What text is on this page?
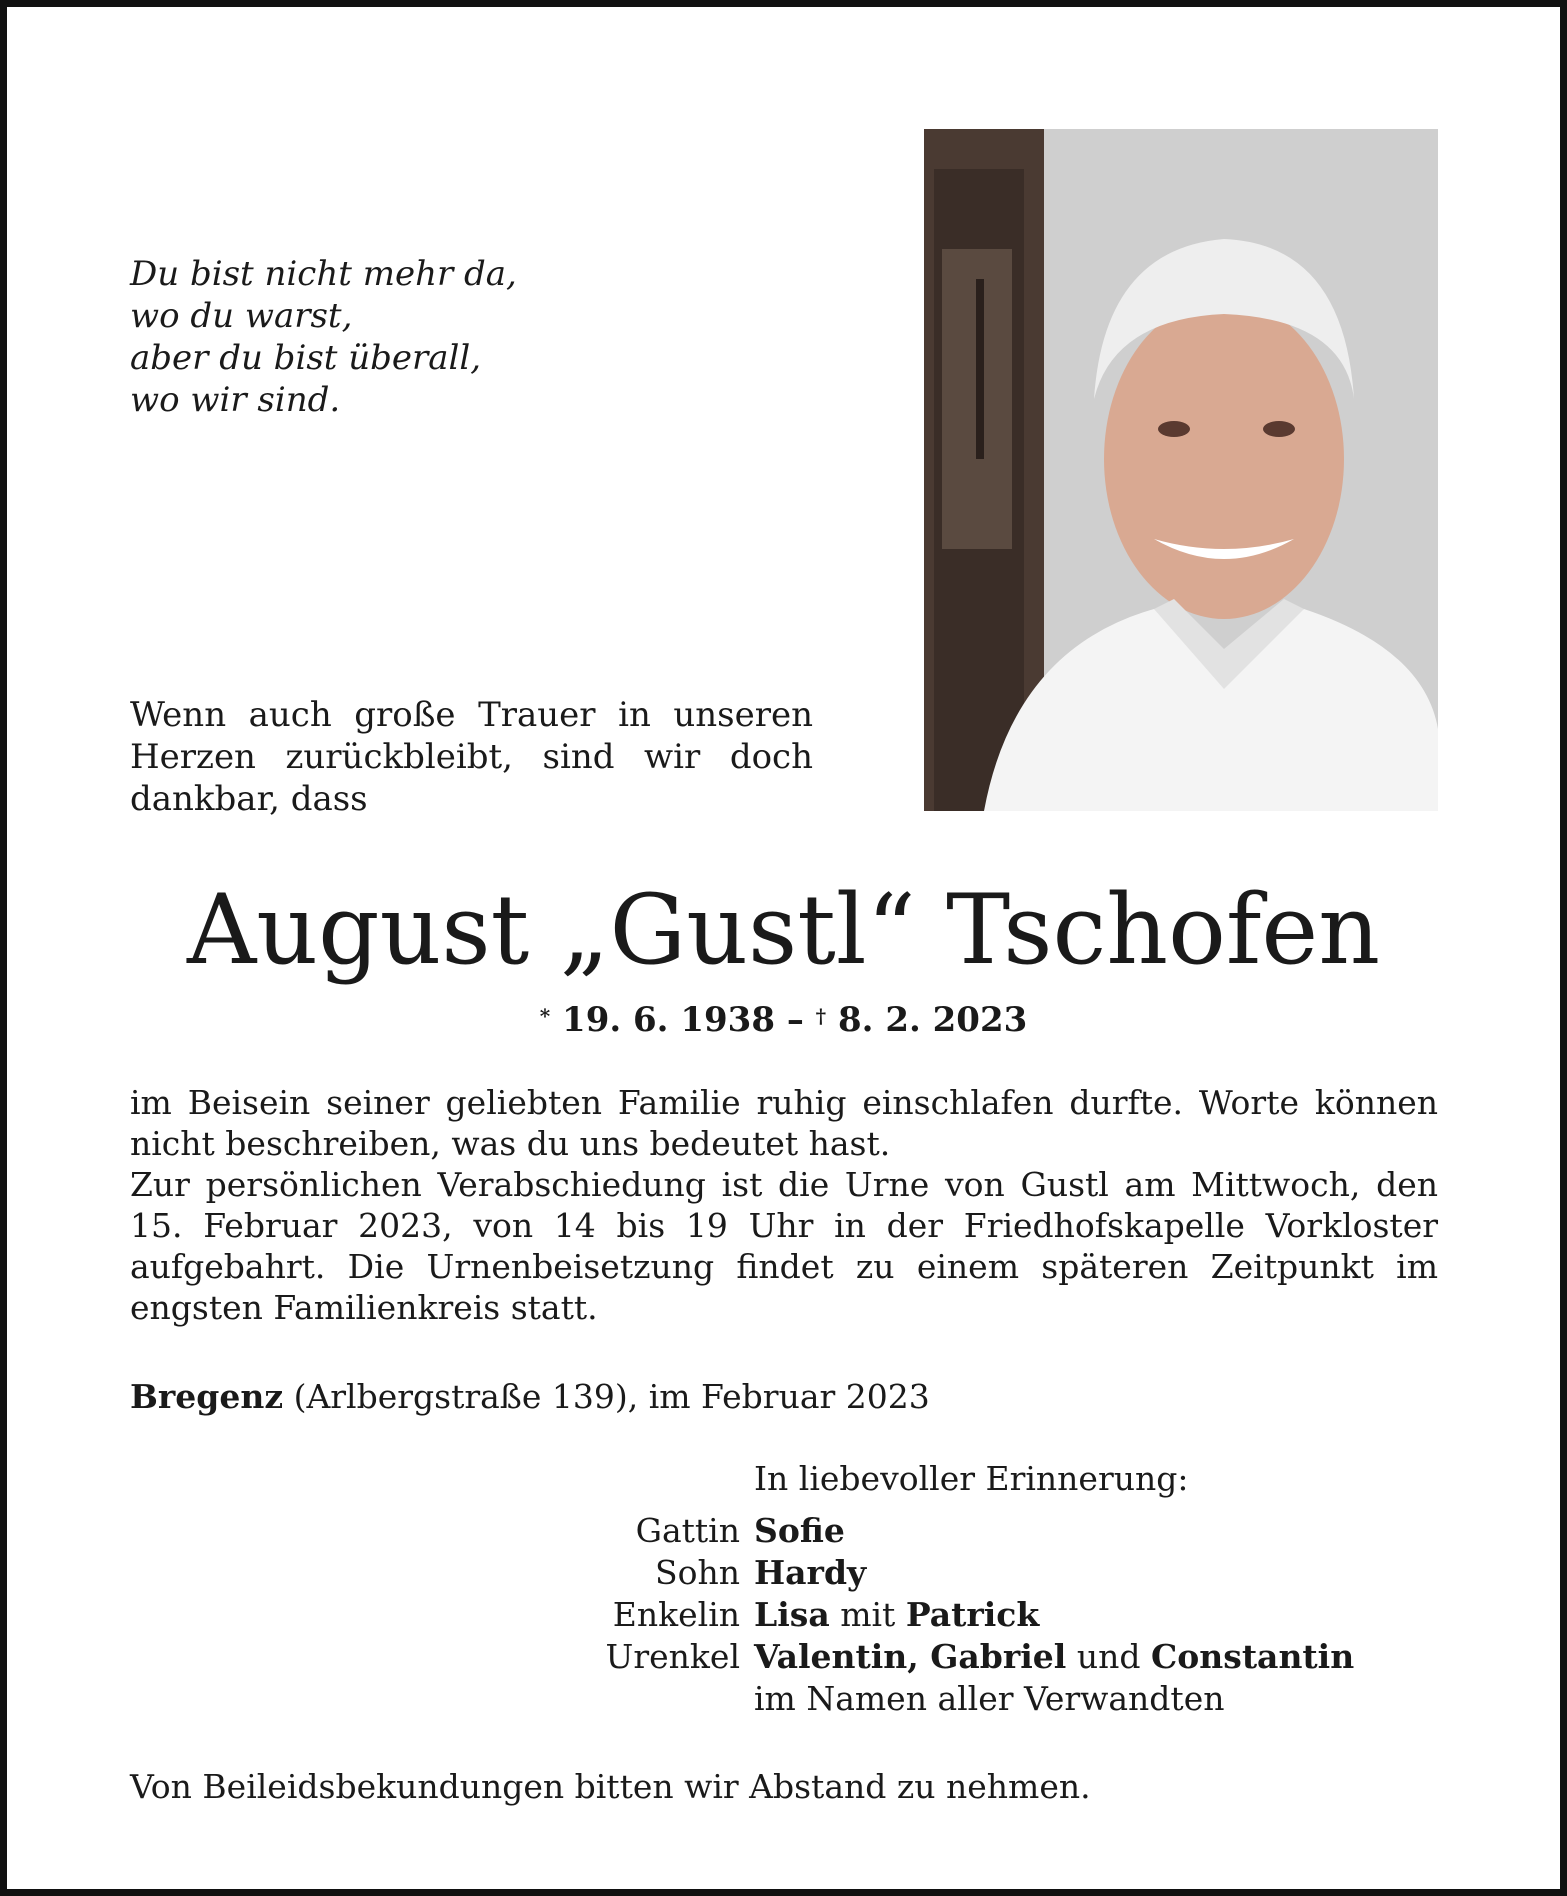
Du bist nicht mehr da,
wo du warst,
aber du bist überall,
wo wir sind.
Wenn auch große Trauer in unseren Herzen zurückbleibt, sind wir doch dankbar, dass
August „Gustl“ Tschofen
* 19. 6. 1938 – † 8. 2. 2023

im Beisein seiner geliebten Familie ruhig einschlafen durfte. Worte können nicht beschreiben, was du uns bedeutet hast.

Zur persönlichen Verabschiedung ist die Urne von Gustl am Mittwoch, den 15. Februar 2023, von 14 bis 19 Uhr in der Friedhofskapelle Vorkloster aufgebahrt. Die Urnenbeisetzung findet zu einem späteren Zeitpunkt im engsten Familienkreis statt.

Bregenz (Arlbergstraße 139), im Februar 2023
In liebevoller Erinnerung:
Gattin Sofie
Sohn Hardy
Enkelin Lisa mit Patrick
Urenkel Valentin, Gabriel und Constantin
im Namen aller Verwandten
Von Beileidsbekundungen bitten wir Abstand zu nehmen.
